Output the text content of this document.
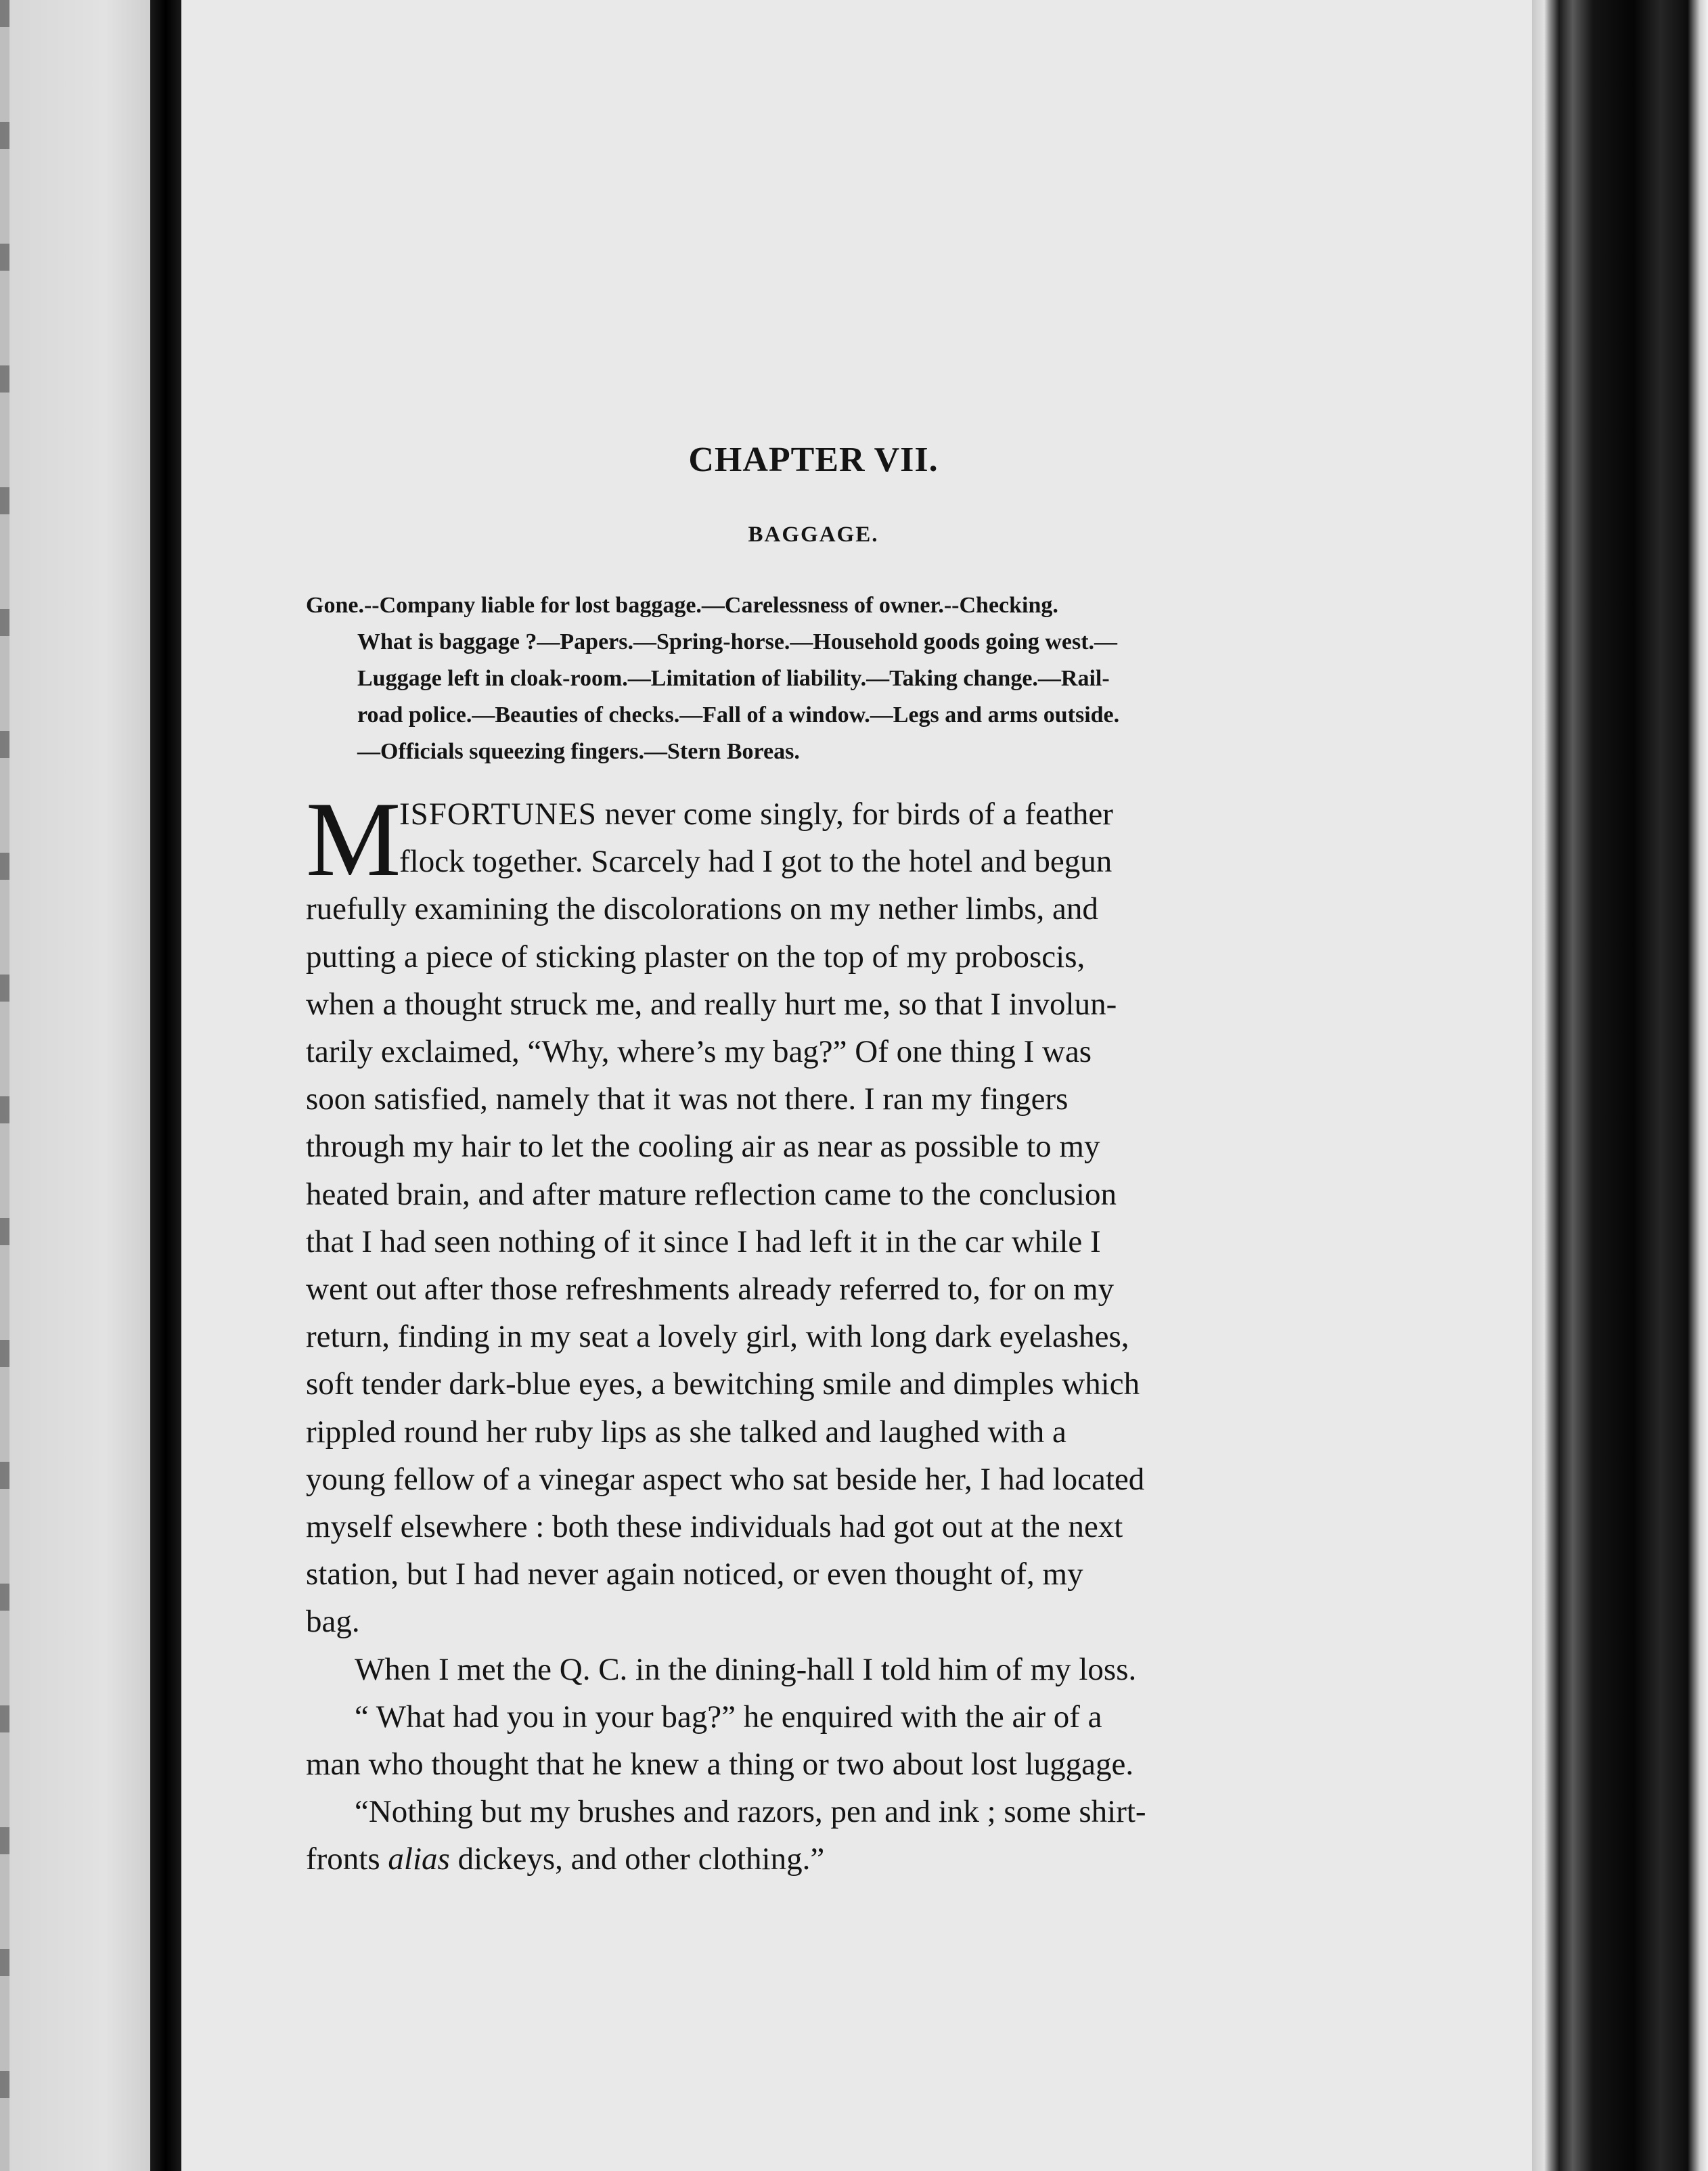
CHAPTER VII.
BAGGAGE.
Gone.--Company liable for lost baggage.—Carelessness of owner.--Checking.
What is baggage ?—Papers.—Spring-horse.—Household goods going west.—
Luggage left in cloak-room.—Limitation of liability.—Taking change.—Rail-
road police.—Beauties of checks.—Fall of a window.—Legs and arms outside.
—Officials squeezing fingers.—Stern Boreas.
M
ISFORTUNES never come singly, for birds of a feather
flock together. Scarcely had I got to the hotel and begun
ruefully examining the discolorations on my nether limbs, and
putting a piece of sticking plaster on the top of my proboscis,
when a thought struck me, and really hurt me, so that I involun-
tarily exclaimed, “Why, where’s my bag?” Of one thing I was
soon satisfied, namely that it was not there. I ran my fingers
through my hair to let the cooling air as near as possible to my
heated brain, and after mature reflection came to the conclusion
that I had seen nothing of it since I had left it in the car while I
went out after those refreshments already referred to, for on my
return, finding in my seat a lovely girl, with long dark eyelashes,
soft tender dark-blue eyes, a bewitching smile and dimples which
rippled round her ruby lips as she talked and laughed with a
young fellow of a vinegar aspect who sat beside her, I had located
myself elsewhere : both these individuals had got out at the next
station, but I had never again noticed, or even thought of, my
bag.
When I met the Q. C. in the dining-hall I told him of my loss.
“ What had you in your bag?” he enquired with the air of a
man who thought that he knew a thing or two about lost luggage.
“Nothing but my brushes and razors, pen and ink ; some shirt-
fronts alias dickeys, and other clothing.”
